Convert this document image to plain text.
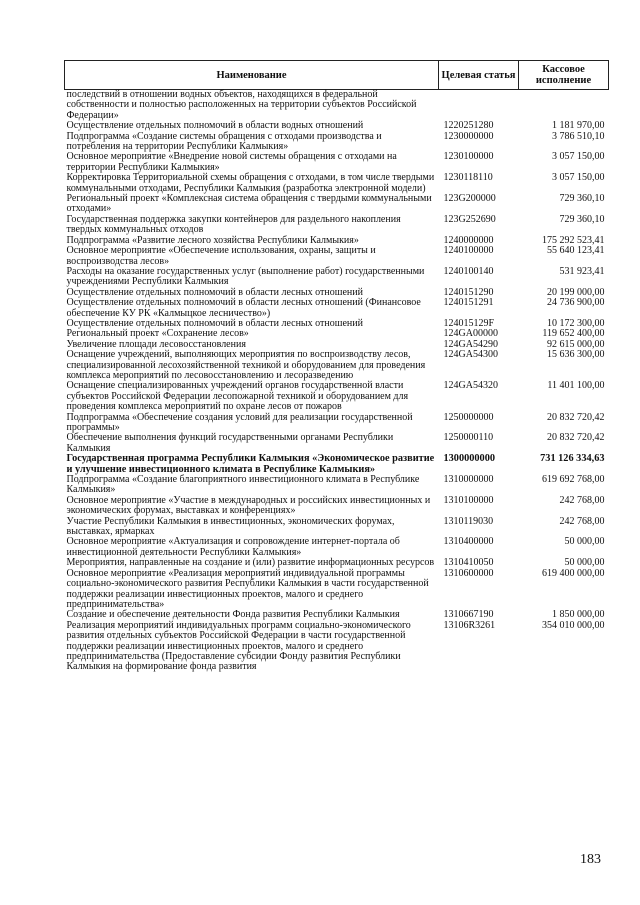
Наименование	Целевая статья	Кассовое исполнение
последствий в отношении водных объектов, находящихся в федеральной собственности и полностью расположенных на территории субъектов Российской Федерации»		
Осуществление отдельных полномочий в области водных отношений	1220251280	1 181 970,00
Подпрограмма «Создание системы обращения с отходами производства и потребления на территории Республики Калмыкия»	1230000000	3 786 510,10
Основное мероприятие «Внедрение новой системы обращения с отходами на территории Республики Калмыкия»	1230100000	3 057 150,00
Корректировка Территориальной схемы обращения с отходами, в том числе твердыми коммунальными отходами, Республики Калмыкия (разработка электронной модели)	1230118110	3 057 150,00
Региональный проект «Комплексная система обращения с твердыми коммунальными отходами»	123G200000	729 360,10
Государственная поддержка закупки контейнеров для раздельного накопления твердых коммунальных отходов	123G252690	729 360,10
Подпрограмма «Развитие лесного хозяйства Республики Калмыкия»	1240000000	175 292 523,41
Основное мероприятие «Обеспечение использования, охраны, защиты и воспроизводства лесов»	1240100000	55 640 123,41
Расходы на оказание государственных услуг (выполнение работ) государственными учреждениями Республики Калмыкия	1240100140	531 923,41
Осуществление отдельных полномочий в области лесных отношений	1240151290	20 199 000,00
Осуществление отдельных полномочий в области лесных отношений (Финансовое обеспечение КУ РК «Калмыцкое лесничество»)	1240151291	24 736 900,00
Осуществление отдельных полномочий в области лесных отношений	124015129F	10 172 300,00
Региональный проект «Сохранение лесов»	124GA00000	119 652 400,00
Увеличение площади лесовосстановления	124GA54290	92 615 000,00
Оснащение учреждений, выполняющих мероприятия по воспроизводству лесов, специализированной лесохозяйственной техникой и оборудованием для проведения комплекса мероприятий по лесовосстановлению и лесоразведению	124GA54300	15 636 300,00
Оснащение специализированных учреждений органов государственной власти субъектов Российской Федерации лесопожарной техникой и оборудованием для проведения комплекса мероприятий по охране лесов от пожаров	124GA54320	11 401 100,00
Подпрограмма «Обеспечение создания условий для реализации государственной программы»	1250000000	20 832 720,42
Обеспечение выполнения функций государственными органами Республики Калмыкия	1250000110	20 832 720,42
Государственная программа Республики Калмыкия «Экономическое развитие и улучшение инвестиционного климата в Республике Калмыкия»	1300000000	731 126 334,63
Подпрограмма «Создание благоприятного инвестиционного климата в Республике Калмыкия»	1310000000	619 692 768,00
Основное мероприятие «Участие в международных и российских инвестиционных и экономических форумах, выставках и конференциях»	1310100000	242 768,00
Участие Республики Калмыкия в инвестиционных, экономических форумах, выставках, ярмарках	1310119030	242 768,00
Основное мероприятие «Актуализация и сопровождение интернет-портала об инвестиционной деятельности Республики Калмыкия»	1310400000	50 000,00
Мероприятия, направленные на создание и (или) развитие информационных ресурсов	1310410050	50 000,00
Основное мероприятие «Реализация мероприятий индивидуальной программы социально-экономического развития Республики Калмыкия в части государственной поддержки реализации инвестиционных проектов, малого и среднего предпринимательства»	1310600000	619 400 000,00
Создание и обеспечение деятельности Фонда развития Республики Калмыкия	1310667190	1 850 000,00
Реализация мероприятий индивидуальных программ социально-экономического развития отдельных субъектов Российской Федерации в части государственной поддержки реализации инвестиционных проектов, малого и среднего предпринимательства (Предоставление субсидии Фонду развития Республики Калмыкия на формирование фонда развития	13106R3261	354 010 000,00
183
